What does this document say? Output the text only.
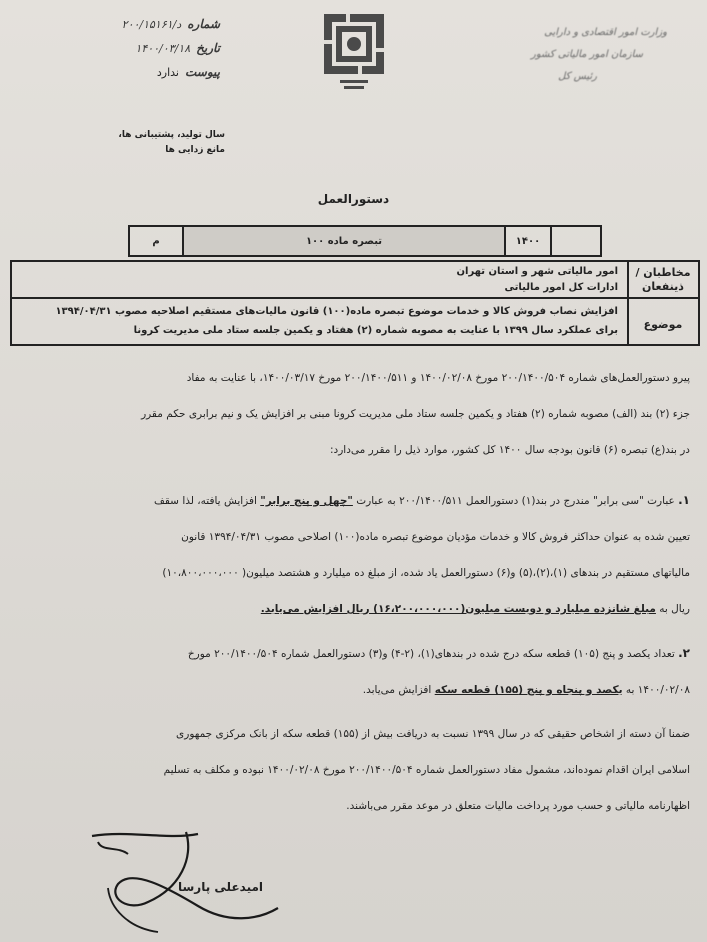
شماره
د/۲۰۰/۱۵۱۶۱
تاریخ
۱۴۰۰/۰۳/۱۸
پیوست
ندارد
سال تولید، پشتیبانی ها،
مانع زدایی ها
وزارت امور اقتصادی و دارایی
سازمان امور مالیاتی کشور
رئیس کل
دستورالعمل
م	تبصره ماده ۱۰۰	۱۴۰۰
مخاطبان / ذینفعان
امور مالیاتی شهر و استان تهران
ادارات کل امور مالیاتی
موضوع
افزایش نصاب فروش کالا و خدمات موضوع تبصره ماده(۱۰۰) قانون مالیات‌های مستقیم اصلاحیه مصوب ۱۳۹۴/۰۴/۳۱
برای عملکرد سال ۱۳۹۹ با عنایت به مصوبه شماره (۲) هفتاد و یکمین جلسه ستاد ملی مدیریت کرونا

پیرو دستورالعمل‌های شماره ۲۰۰/۱۴۰۰/۵۰۴ مورخ ۱۴۰۰/۰۲/۰۸ و ۲۰۰/۱۴۰۰/۵۱۱ مورخ ۱۴۰۰/۰۳/۱۷، با عنایت به مفاد

جزء (۲) بند (الف) مصوبه شماره (۲) هفتاد و یکمین جلسه ستاد ملی مدیریت کرونا مبنی بر افزایش یک و نیم برابری حکم مقرر

در بند(ع) تبصره (۶) قانون بودجه سال ۱۴۰۰ کل کشور، موارد ذیل را مقرر می‌دارد:

۱. عبارت "سی برابر" مندرج در بند(۱) دستورالعمل ۲۰۰/۱۴۰۰/۵۱۱ به عبارت "چهل و پنج برابر" افزایش یافته، لذا سقف

تعیین شده به عنوان حداکثر فروش کالا و خدمات مؤدیان موضوع تبصره ماده(۱۰۰) اصلاحی مصوب ۱۳۹۴/۰۴/۳۱ قانون

مالیاتهای مستقیم در بندهای (۱)،(۲)،(۵) و(۶) دستورالعمل یاد شده، از مبلغ ده میلیارد و هشتصد میلیون( ۱۰،۸۰۰،۰۰۰،۰۰۰)

ریال به مبلغ شانزده میلیارد و دویست میلیون(۱۶،۲۰۰،۰۰۰،۰۰۰) ریال افزایش می‌یابد.

۲. تعداد یکصد و پنج (۱۰۵) قطعه سکه درج شده در بندهای(۱)، (۲-۴) و(۳) دستورالعمل شماره ۲۰۰/۱۴۰۰/۵۰۴ مورخ

۱۴۰۰/۰۲/۰۸ به یکصد و پنجاه و پنج (۱۵۵) قطعه سکه افزایش می‌یابد.

ضمنا آن دسته از اشخاص حقیقی که در سال ۱۳۹۹ نسبت به دریافت بیش از (۱۵۵) قطعه سکه از بانک مرکزی جمهوری

اسلامی ایران اقدام نموده‌اند، مشمول مفاد دستورالعمل شماره ۲۰۰/۱۴۰۰/۵۰۴ مورخ ۱۴۰۰/۰۲/۰۸ نبوده و مکلف به تسلیم

اظهارنامه مالیاتی و حسب مورد پرداخت مالیات متعلق در موعد مقرر می‌باشند.

امیدعلی پارسا
